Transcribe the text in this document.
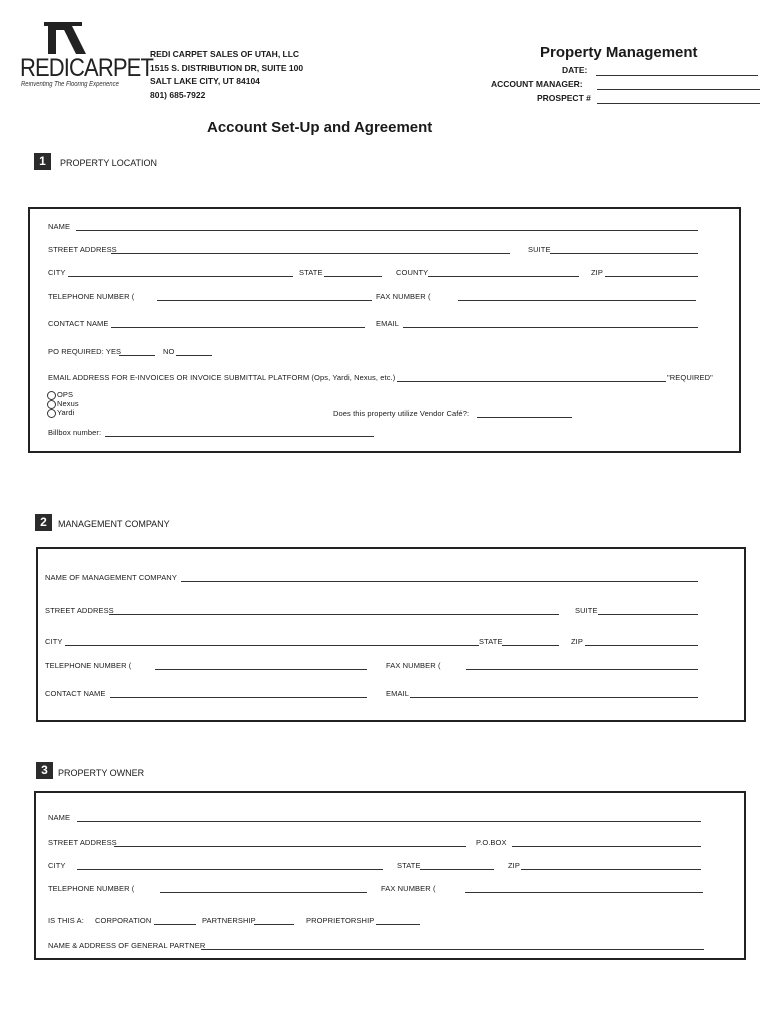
REDICARPET
Reinventing The Flooring Experience
REDI CARPET SALES OF UTAH, LLC
1515 S. DISTRIBUTION DR, SUITE 100
SALT LAKE CITY, UT 84104
801) 685-7922
Property Management
DATE:
ACCOUNT MANAGER:
PROSPECT #
Account Set-Up and Agreement
1	PROPERTY LOCATION
NAME
STREET ADDRESS	SUITE
CITY	STATE	COUNTY	ZIP
TELEPHONE NUMBER (	FAX NUMBER (
CONTACT NAME	EMAIL
PO REQUIRED: YES	NO
EMAIL ADDRESS FOR E-INVOICES OR INVOICE SUBMITTAL PLATFORM (Ops, Yardi, Nexus, etc.)	"REQUIRED"
OPS
Nexus
Yardi	Does this property utilize Vendor Café?:
Billbox number:
2	MANAGEMENT COMPANY
NAME OF MANAGEMENT COMPANY
STREET ADDRESS	SUITE
CITY	STATE	ZIP
TELEPHONE NUMBER (	FAX NUMBER (
CONTACT NAME	EMAIL
3	PROPERTY OWNER
NAME
STREET ADDRESS	P.O.BOX
CITY	STATE	ZIP
TELEPHONE NUMBER (	FAX NUMBER (
IS THIS A: CORPORATION	PARTNERSHIP	PROPRIETORSHIP
NAME & ADDRESS OF GENERAL PARTNER
